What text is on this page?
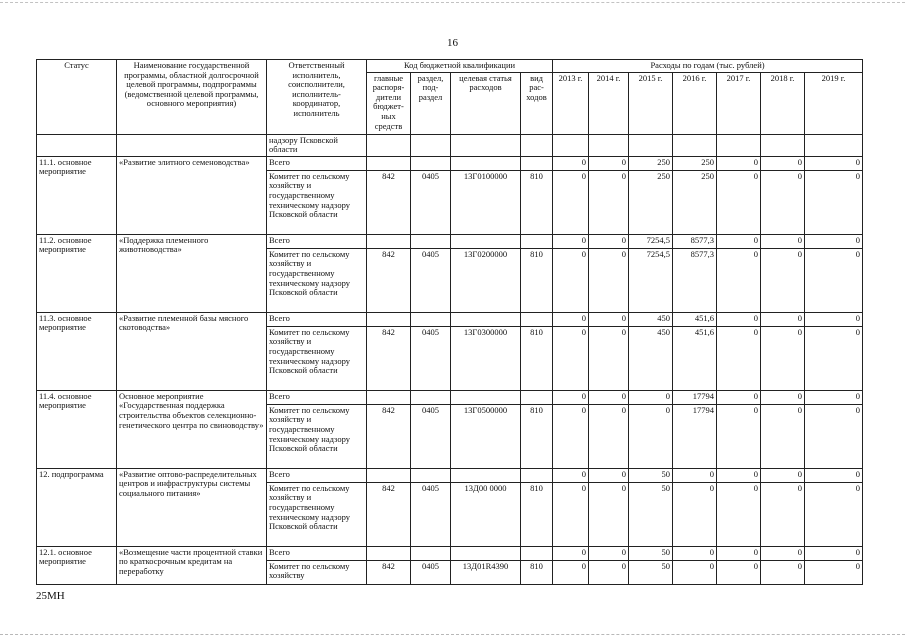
16
Статус	Наименование государственной программы, областной долгосрочной целевой программы, подпрограммы (ведомственной целевой программы, основного мероприятия)	Ответственный исполнитель, соисполнители, исполнитель-координатор, исполнитель	Код бюджетной квалификации				Расходы по годам (тыс. рублей)						
			главные распоря-дители бюджет-ных средств	раздел, под-раздел	целевая статья расходов	вид рас-ходов	2013 г.	2014 г.	2015 г.	2016 г.	2017 г.	2018 г.	2019 г.
		надзору Псковской области											
11.1. основное мероприятие	«Развитие элитного семеноводства»	Всего					0	0	250	250	0	0	0
		Комитет по сельскому хозяйству и государственному техническому надзору Псковской области	842	0405	13Г0100000	810	0	0	250	250	0	0	0
11.2. основное мероприятие	«Поддержка племенного животноводства»	Всего					0	0	7254,5	8577,3	0	0	0
		Комитет по сельскому хозяйству и государственному техническому надзору Псковской области	842	0405	13Г0200000	810	0	0	7254,5	8577,3	0	0	0
11.3. основное мероприятие	«Развитие племенной базы мясного скотоводства»	Всего					0	0	450	451,6	0	0	0
		Комитет по сельскому хозяйству и государственному техническому надзору Псковской области	842	0405	13Г0300000	810	0	0	450	451,6	0	0	0
11.4. основное мероприятие	Основное мероприятие «Государственная поддержка строительства объектов селекционно-генетического центра по свиноводству»	Всего					0	0	0	17794	0	0	0
		Комитет по сельскому хозяйству и государственному техническому надзору Псковской области	842	0405	13Г0500000	810	0	0	0	17794	0	0	0
12. подпрограмма	«Развитие оптово-распределительных центров и инфраструктуры системы социального питания»	Всего					0	0	50	0	0	0	0
		Комитет по сельскому хозяйству и государственному техническому надзору Псковской области	842	0405	13Д00 0000	810	0	0	50	0	0	0	0
12.1. основное мероприятие	«Возмещение части процентной ставки по краткосрочным кредитам на переработку	Всего					0	0	50	0	0	0	0
		Комитет по сельскому хозяйству	842	0405	13Д01R4390	810	0	0	50	0	0	0	0
25МН
